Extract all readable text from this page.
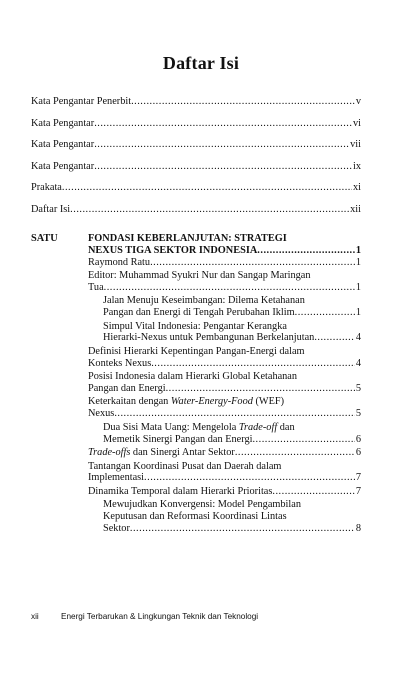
Daftar Isi
Kata Pengantar Penerbit .....	v
Kata Pengantar .....	vi
Kata Pengantar .....	vii
Kata Pengantar .....	ix
Prakata .....	xi
Daftar Isi .....	xii
SATU	FONDASI KEBERLANJUTAN: STRATEGI
NEXUS TIGA SEKTOR INDONESIA .....	1
Raymond Ratu .....	1
Editor: Muhammad Syukri Nur dan Sangap Maringan
Tua .....	1
Jalan Menuju Keseimbangan: Dilema Ketahanan
Pangan dan Energi di Tengah Perubahan Iklim .....	1
Simpul Vital Indonesia: Pengantar Kerangka
Hierarki-Nexus untuk Pembangunan Berkelanjutan .....	4
Definisi Hierarki Kepentingan Pangan-Energi dalam
Konteks Nexus .....	4
Posisi Indonesia dalam Hierarki Global Ketahanan
Pangan dan Energi .....	5
Keterkaitan dengan Water-Energy-Food (WEF)
Nexus .....	5
Dua Sisi Mata Uang: Mengelola Trade-off dan
Memetik Sinergi Pangan dan Energi .....	6
Trade-offs dan Sinergi Antar Sektor .....	6
Tantangan Koordinasi Pusat dan Daerah dalam
Implementasi .....	7
Dinamika Temporal dalam Hierarki Prioritas .....	7
Mewujudkan Konvergensi: Model Pengambilan
Keputusan dan Reformasi Koordinasi Lintas
Sektor .....	8
xii	Energi Terbarukan & Lingkungan Teknik dan Teknologi
